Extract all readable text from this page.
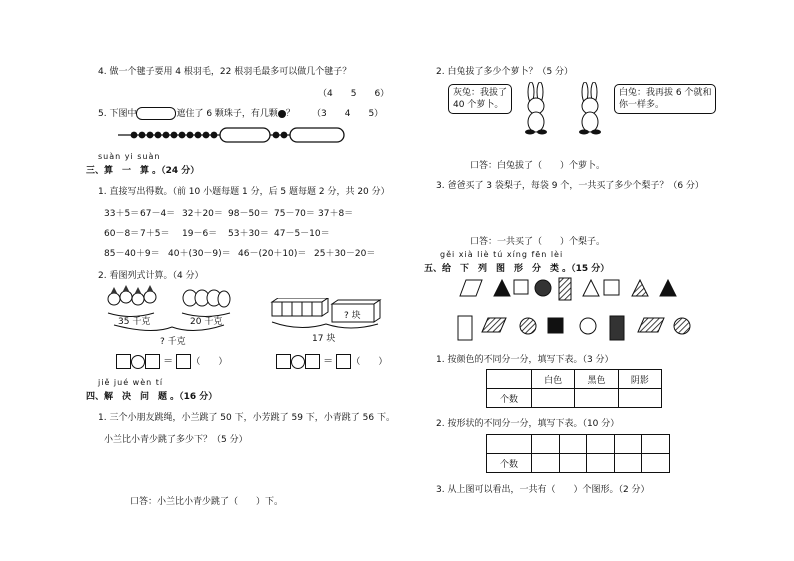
4. 做一个毽子要用 4 根羽毛，22 根羽毛最多可以做几个毽子？
（4　　5　　6）
5. 下图中	遮住了 6 颗珠子，有几颗 ？ （3　　4　　5）
suàn yi suàn
三、算　一　算 。（24 分）
1. 直接写出得数。（前 10 小题每题 1 分，后 5 题每题 2 分，共 20 分）
33＋5＝67－4＝ 32＋20＝ 98－50＝ 75－70＝ 37＋8＝
60－8＝7＋5＝ 19－6＝ 53＋30＝ 47－5－10＝
85－40＋9＝ 40＋(30－9)＝ 46－(20＋10)＝ 25＋30－20＝
2. 看图列式计算。（4 分）
35 千克	20 千克
? 千克
? 块
17 块
＝ （　　）	＝ （　　）
jiě jué wèn tí
四、解　决　问　题 。（16 分）
1. 三个小朋友跳绳，小兰跳了 50 下，小芳跳了 59 下，小青跳了 56 下。
小兰比小青少跳了多少下？（5 分）
口答：小兰比小青少跳了（　　）下。
2. 白兔拔了多少个萝卜？（5 分）
灰兔：我拔了
40 个萝卜。
白兔：我再拔 6 个就和
你一样多。
口答：白兔拔了（　　）个萝卜。
3. 爸爸买了 3 袋梨子，每袋 9 个，一共买了多少个梨子？（6 分）
口答：一共买了（　　）个梨子。
gěi xià liè tú xíng fēn lèi
五、给　下　列　图　形　分　类 。（15 分）
1. 按颜色的不同分一分，填写下表。（3 分）
	白色	黑色	阴影
个数			
2. 按形状的不同分一分，填写下表。（10 分）

个数					
3. 从上图可以看出，一共有（　　）个图形。（2 分）
